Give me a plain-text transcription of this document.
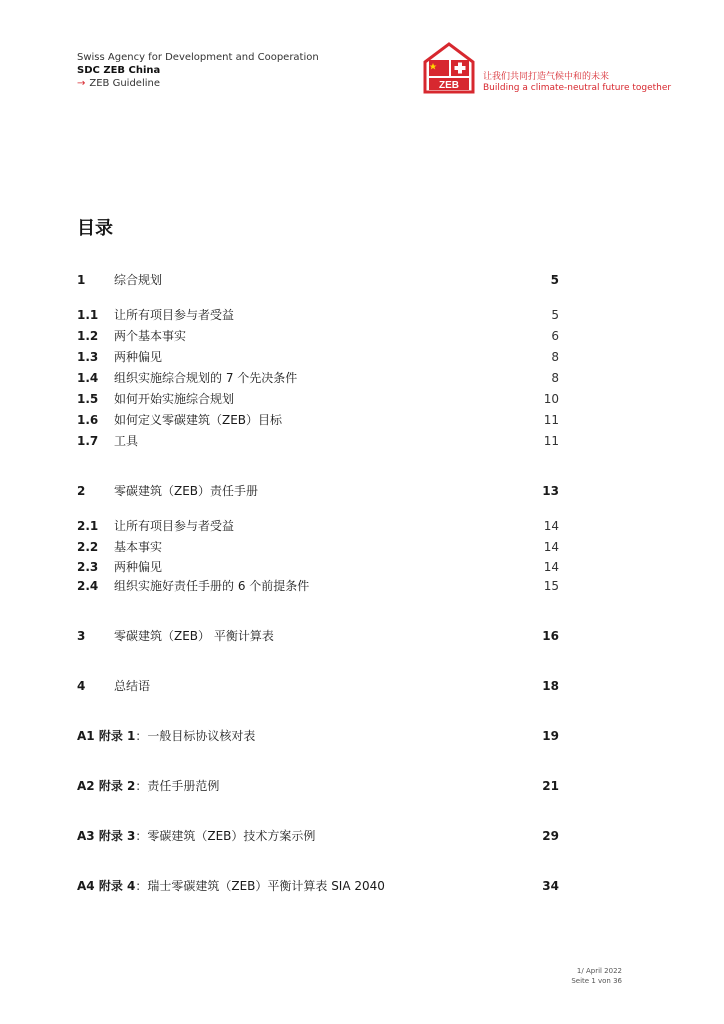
Swiss Agency for Development and Cooperation
SDC ZEB China
→ ZEB Guideline	ZEB
让我们共同打造气候中和的未来
Building a climate-neutral future together
目录
1 综合规划	5
1.1 让所有项目参与者受益	5
1.2 两个基本事实	6
1.3 两种偏见	8
1.4 组织实施综合规划的 7 个先决条件	8
1.5 如何开始实施综合规划	10
1.6 如何定义零碳建筑（ZEB）目标	11
1.7 工具	11
2 零碳建筑（ZEB）责任手册	13
2.1 让所有项目参与者受益	14
2.2 基本事实	14
2.3 两种偏见	14
2.4 组织实施好责任手册的 6 个前提条件	15
3 零碳建筑（ZEB） 平衡计算表	16
4 总结语	18
A1 附录 1：一般目标协议核对表	19
A2 附录 2：责任手册范例	21
A3 附录 3：零碳建筑（ZEB）技术方案示例	29
A4 附录 4：瑞士零碳建筑（ZEB）平衡计算表 SIA 2040	34
1/ April 2022
Seite 1 von 36
